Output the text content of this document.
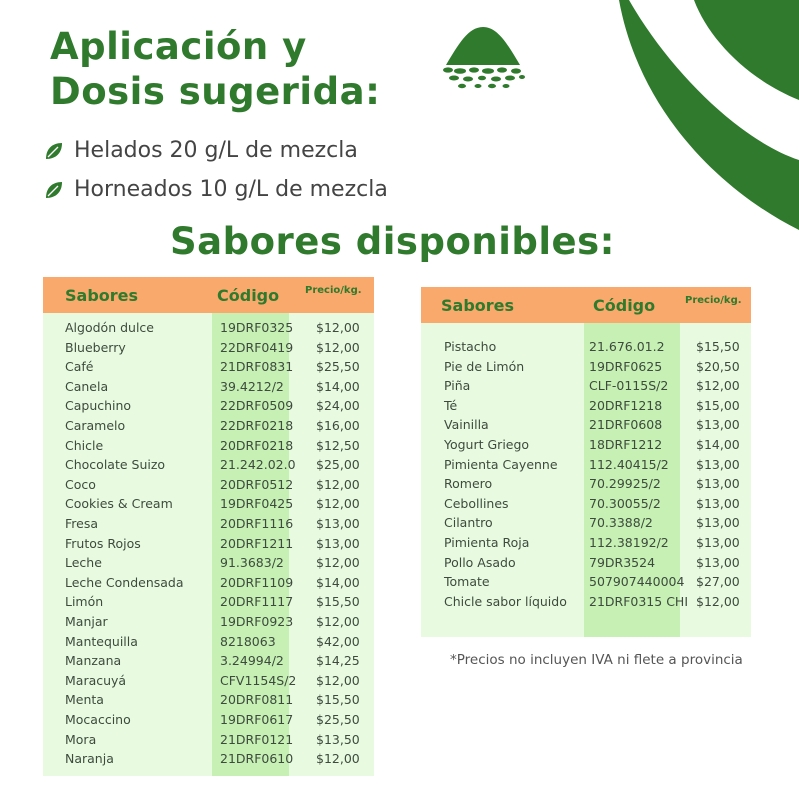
Aplicación y
Dosis sugerida:
Helados 20 g/L de mezcla
Horneados 10 g/L de mezcla
Sabores disponibles:
Sabores	Código	Precio/kg.
Algodón dulce	19DRF0325 $12,00
Blueberry	22DRF0419 $12,00
Café	21DRF0831 $25,50
Canela	39.4212/2	$14,00
Capuchino	22DRF0509 $24,00
Caramelo	22DRF0218 $16,00
Chicle	20DRF0218 $12,50
Chocolate Suizo	21.242.02.0 $25,00
Coco	20DRF0512 $12,00
Cookies & Cream	19DRF0425 $12,00
Fresa	20DRF1116 $13,00
Frutos Rojos	20DRF1211 $13,00
Leche	91.3683/2	$12,00
Leche Condensada	20DRF1109 $14,00
Limón	20DRF1117 $15,50
Manjar	19DRF0923 $12,00
Mantequilla	8218063	$42,00
Manzana	3.24994/2	$14,25
Maracuyá	CFV1154S/2 $12,00
Menta	20DRF0811 $15,50
Mocaccino	19DRF0617 $25,50
Mora	21DRF0121 $13,50
Naranja	21DRF0610 $12,00
Sabores	Código	Precio/kg.
Pistacho	21.676.01.2	$15,50
Pie de Limón	19DRF0625	$20,50
Piña	CLF-0115S/2 $12,00
Té	20DRF1218	$15,00
Vainilla	21DRF0608	$13,00
Yogurt Griego	18DRF1212	$14,00
Pimienta Cayenne	112.40415/2 $13,00
Romero	70.29925/2	$13,00
Cebollines	70.30055/2	$13,00
Cilantro	70.3388/2	$13,00
Pimienta Roja	112.38192/2 $13,00
Pollo Asado	79DR3524	$13,00
Tomate	507907440004 $27,00
Chicle sabor líquido 21DRF0315 CHI $12,00
*Precios no incluyen IVA ni flete a provincia
